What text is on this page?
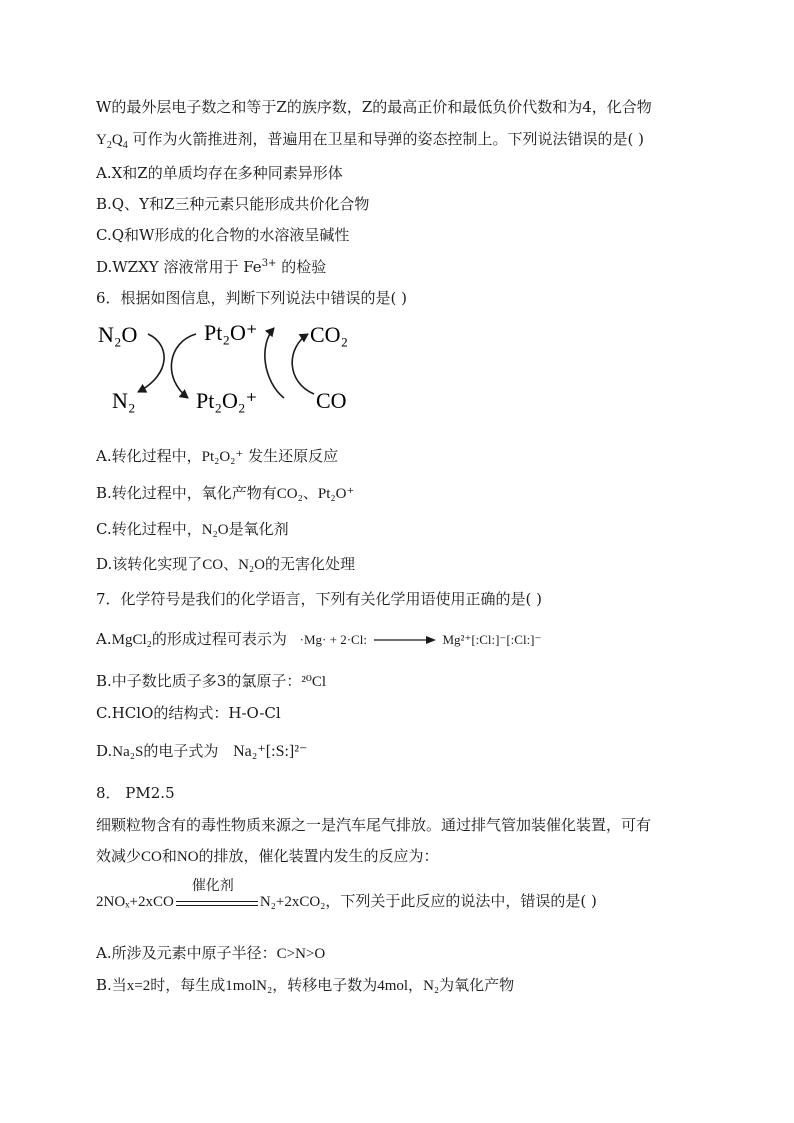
W的最外层电子数之和等于Z的族序数，Z的最高正价和最低负价代数和为4，化合物
$Y_2Q_4$ 可作为火箭推进剂，普遍用在卫星和导弹的姿态控制上。下列说法错误的是( )
A.X和Z的单质均存在多种同素异形体
B.Q、Y和Z三种元素只能形成共价化合物
C.Q和W形成的化合物的水溶液呈碱性
D.WZXY 溶液常用于 $Fe^{3+}$ 的检验
6．根据如图信息，判断下列说法中错误的是( )
N₂O	Pt₂O⁺ CO₂
N₂	Pt₂O₂⁺	CO
A.转化过程中，Pt₂O₂⁺ 发生还原反应
B.转化过程中，氧化产物有CO₂、Pt₂O⁺
C.转化过程中，N₂O是氧化剂
D.该转化实现了CO、N₂O的无害化处理
7．化学符号是我们的化学语言，下列有关化学用语使用正确的是( )
A.MgCl₂的形成过程可表示为 ·Mg· + 2·Cl:	Mg²⁺[:Cl:]⁻[:Cl:]⁻
B.中子数比质子多3的氯原子：²⁰Cl
C.HClO的结构式：H-O-Cl
D.Na₂S的电子式为 Na₂⁺[:S:]²⁻
8． PM2.5
细颗粒物含有的毒性物质来源之一是汽车尾气排放。通过排气管加装催化装置，可有
效减少CO和NO的排放，催化装置内发生的反应为：
2NOₓ+2xCO
催化剂
N₂+2xCO₂，下列关于此反应的说法中，错误的是( )
A.所涉及元素中原子半径：C>N>O
B.当x=2时，每生成1molN₂，转移电子数为4mol，N₂为氧化产物
